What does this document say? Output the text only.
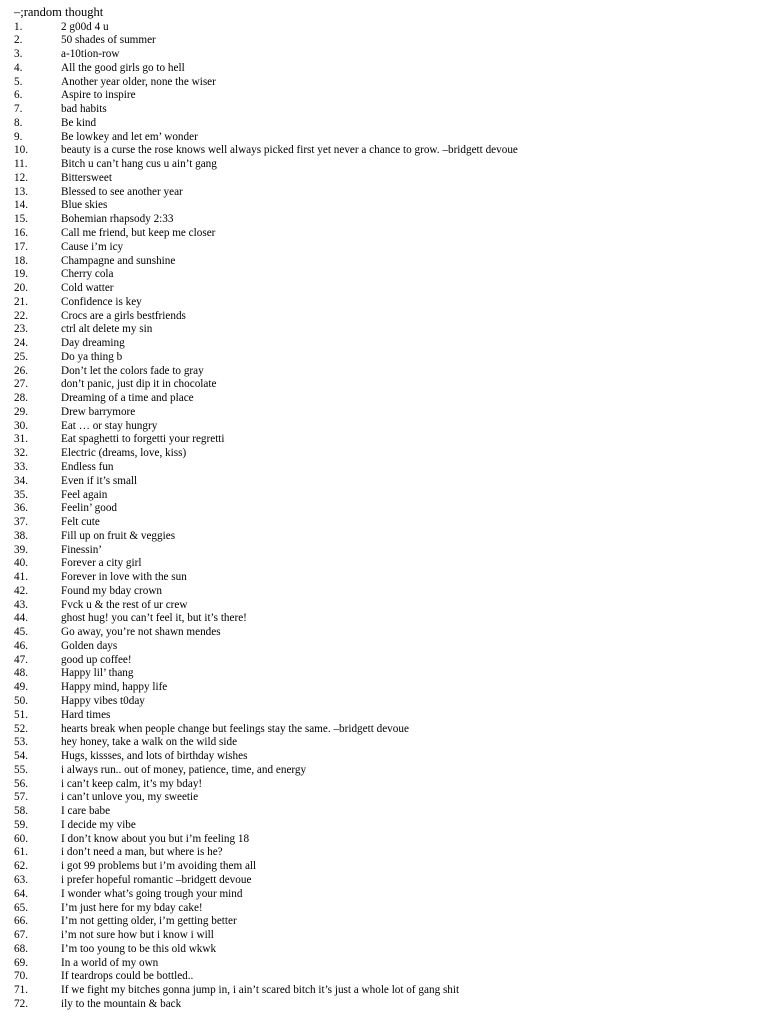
–;random thought
1.	2 g00d 4 u
2.	50 shades of summer
3.	a-10tion-row
4.	All the good girls go to hell
5.	Another year older, none the wiser
6.	Aspire to inspire
7.	bad habits
8.	Be kind
9.	Be lowkey and let em’ wonder
10.	beauty is a curse the rose knows well always picked first yet never a chance to grow. –bridgett devoue
11.	Bitch u can’t hang cus u ain’t gang
12.	Bittersweet
13.	Blessed to see another year
14.	Blue skies
15.	Bohemian rhapsody 2:33
16.	Call me friend, but keep me closer
17.	Cause i’m icy
18.	Champagne and sunshine
19.	Cherry cola
20.	Cold watter
21.	Confidence is key
22.	Crocs are a girls bestfriends
23.	ctrl alt delete my sin
24.	Day dreaming
25.	Do ya thing b
26.	Don’t let the colors fade to gray
27.	don’t panic, just dip it in chocolate
28.	Dreaming of a time and place
29.	Drew barrymore
30.	Eat … or stay hungry
31.	Eat spaghetti to forgetti your regretti
32.	Electric (dreams, love, kiss)
33.	Endless fun
34.	Even if it’s small
35.	Feel again
36.	Feelin’ good
37.	Felt cute
38.	Fill up on fruit & veggies
39.	Finessin’
40.	Forever a city girl
41.	Forever in love with the sun
42.	Found my bday crown
43.	Fvck u & the rest of ur crew
44.	ghost hug! you can’t feel it, but it’s there!
45.	Go away, you’re not shawn mendes
46.	Golden days
47.	good up coffee!
48.	Happy lil’ thang
49.	Happy mind, happy life
50.	Happy vibes t0day
51.	Hard times
52.	hearts break when people change but feelings stay the same. –bridgett devoue
53.	hey honey, take a walk on the wild side
54.	Hugs, kissses, and lots of birthday wishes
55.	i always run.. out of money, patience, time, and energy
56.	i can’t keep calm, it’s my bday!
57.	i can’t unlove you, my sweetie
58.	I care babe
59.	I decide my vibe
60.	I don’t know about you but i’m feeling 18
61.	i don’t need a man, but where is he?
62.	i got 99 problems but i’m avoiding them all
63.	i prefer hopeful romantic –bridgett devoue
64.	I wonder what’s going trough your mind
65.	I’m just here for my bday cake!
66.	I’m not getting older, i’m getting better
67.	i’m not sure how but i know i will
68.	I’m too young to be this old wkwk
69.	In a world of my own
70.	If teardrops could be bottled..
71.	If we fight my bitches gonna jump in, i ain’t scared bitch it’s just a whole lot of gang shit
72.	ily to the mountain & back
